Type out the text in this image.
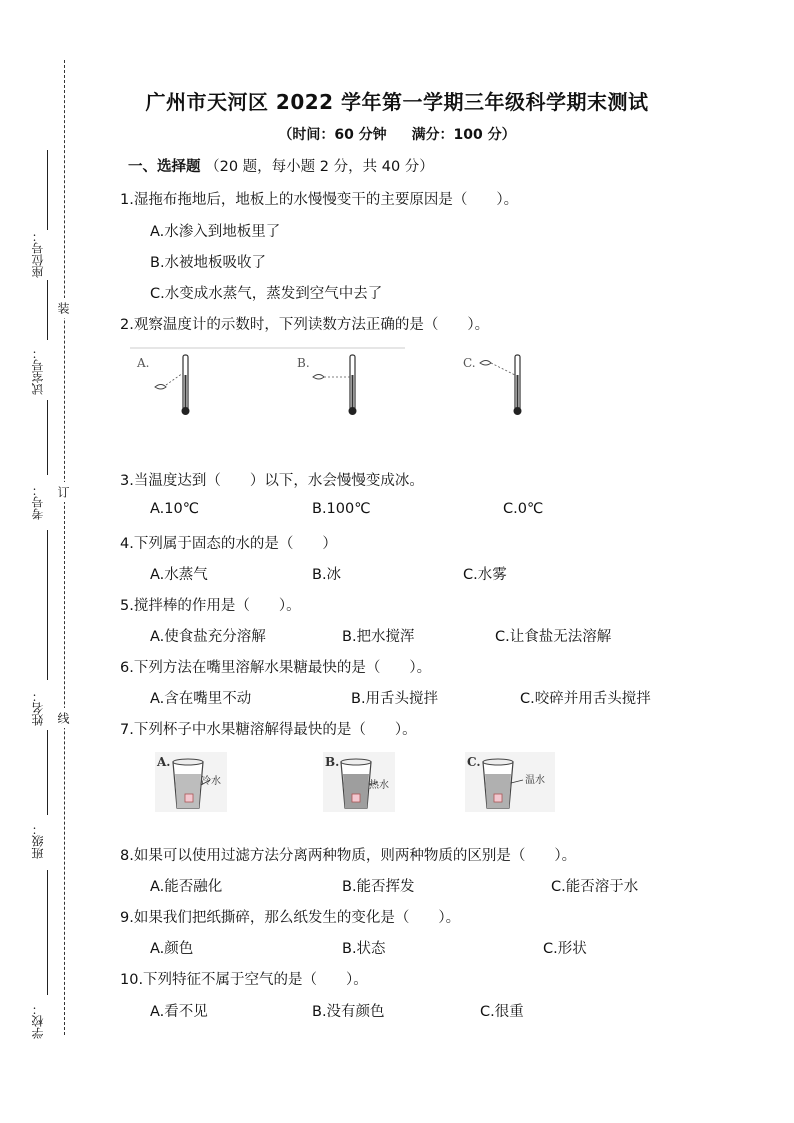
座位号：
试室号：
考号：
姓名：
班级：
学校：
装
订
线
广州市天河区 2022 学年第一学期三年级科学期末测试
（时间：60 分钟 满分：100 分）
一、选择题 （20 题，每小题 2 分，共 40 分）
1.湿拖布拖地后，地板上的水慢慢变干的主要原因是（　　）。
A.水渗入到地板里了
B.水被地板吸收了
C.水变成水蒸气，蒸发到空气中去了
2.观察温度计的示数时，下列读数方法正确的是（　　）。
A.	B.	C.
3.当温度达到（　　）以下，水会慢慢变成冰。
A.10℃	B.100℃	C.0℃
4.下列属于固态的水的是（　　）
A.水蒸气	B.冰	C.水雾
5.搅拌棒的作用是（　　）。
A.使食盐充分溶解	B.把水搅浑	C.让食盐无法溶解
6.下列方法在嘴里溶解水果糖最快的是（　　）。
A.含在嘴里不动	B.用舌头搅拌	C.咬碎并用舌头搅拌
7.下列杯子中水果糖溶解得最快的是（　　）。
A.
冷水
B.
热水
C.
温水
8.如果可以使用过滤方法分离两种物质，则两种物质的区别是（　　）。
A.能否融化	B.能否挥发	C.能否溶于水
9.如果我们把纸撕碎，那么纸发生的变化是（　　）。
A.颜色	B.状态	C.形状
10.下列特征不属于空气的是（　　）。
A.看不见	B.没有颜色	C.很重
